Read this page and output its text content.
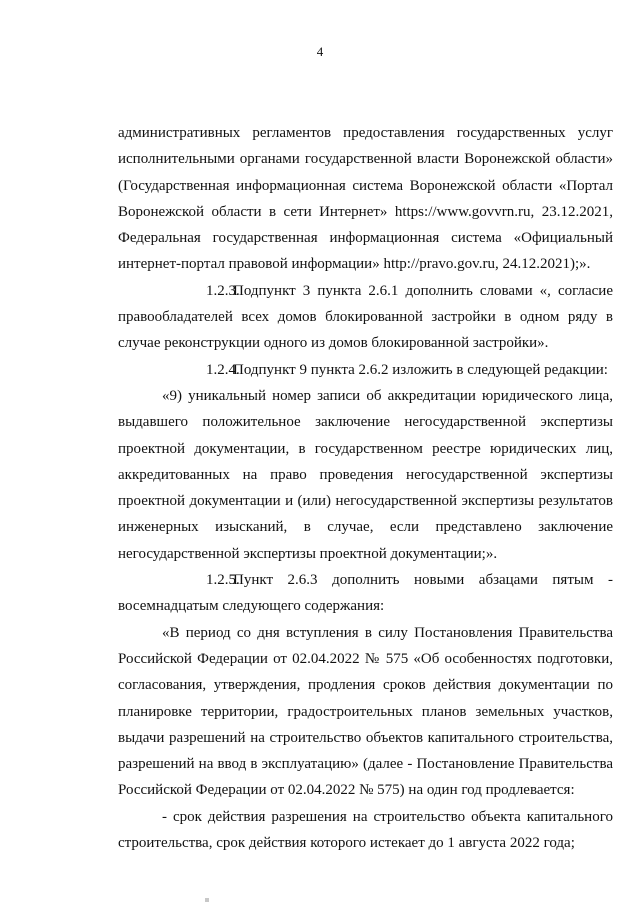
4

административных регламентов предоставления государственных услуг исполнительными органами государственной власти Воронежской области» (Государственная информационная система Воронежской области «Портал Воронежской области в сети Интернет» https://www.govvrn.ru, 23.12.2021, Федеральная государственная информационная система «Официальный интернет-портал правовой информации» http://pravo.gov.ru, 24.12.2021);».

1.2.3.Подпункт 3 пункта 2.6.1 дополнить словами «, согласие правообладателей всех домов блокированной застройки в одном ряду в случае реконструкции одного из домов блокированной застройки».

1.2.4.Подпункт 9 пункта 2.6.2 изложить в следующей редакции:

«9) уникальный номер записи об аккредитации юридического лица, выдавшего положительное заключение негосударственной экспертизы проектной документации, в государственном реестре юридических лиц, аккредитованных на право проведения негосударственной экспертизы проектной документации и (или) негосударственной экспертизы результатов инженерных изысканий, в случае, если представлено заключение негосударственной экспертизы проектной документации;».

1.2.5.Пункт 2.6.3 дополнить новыми абзацами пятым - восемнадцатым следующего содержания:

«В период со дня вступления в силу Постановления Правительства Российской Федерации от 02.04.2022 № 575 «Об особенностях подготовки, согласования, утверждения, продления сроков действия документации по планировке территории, градостроительных планов земельных участков, выдачи разрешений на строительство объектов капитального строительства, разрешений на ввод в эксплуатацию» (далее - Постановление Правительства Российской Федерации от 02.04.2022 № 575) на один год продлевается:

- срок действия разрешения на строительство объекта капитального строительства, срок действия которого истекает до 1 августа 2022 года;
